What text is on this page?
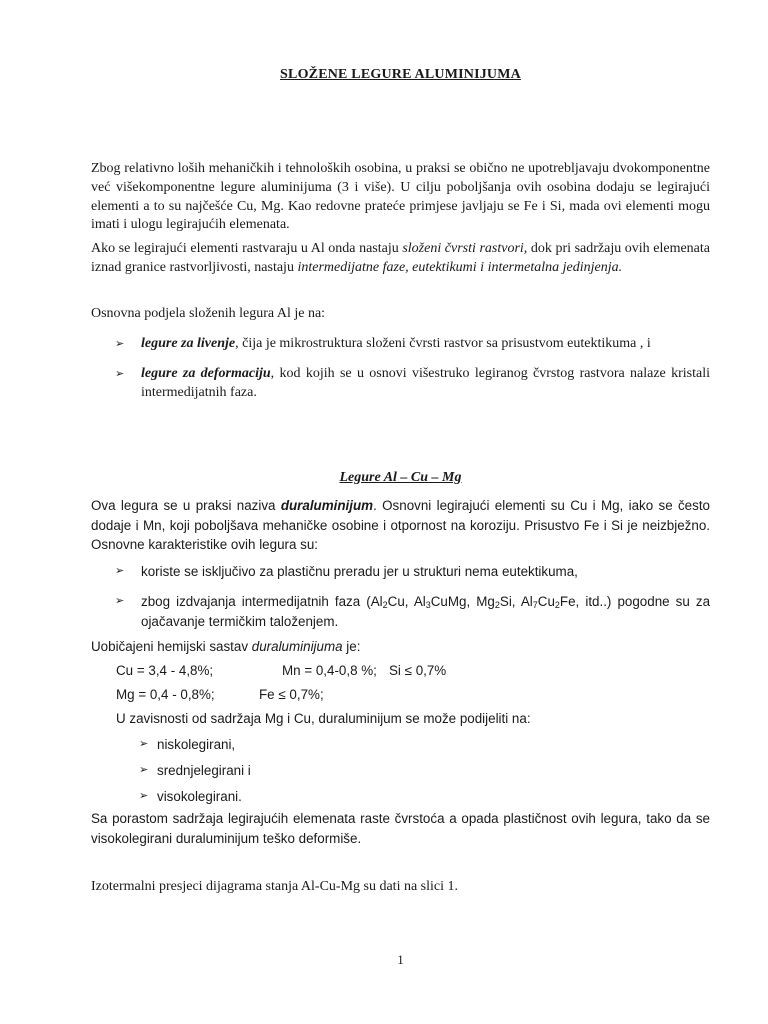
SLOŽENE LEGURE ALUMINIJUMA

Zbog relativno loših mehaničkih i tehnoloških osobina, u praksi se obično ne upotrebljavaju dvokomponentne već višekomponentne legure aluminijuma (3 i više). U cilju poboljšanja ovih osobina dodaju se legirajući elementi a to su najčešće Cu, Mg. Kao redovne prateće primjese javljaju se Fe i Si, mada ovi elementi mogu imati i ulogu legirajućih elemenata.

Ako se legirajući elementi rastvaraju u Al onda nastaju složeni čvrsti rastvori, dok pri sadržaju ovih elemenata iznad granice rastvorljivosti, nastaju intermedijatne faze, eutektikumi i intermetalna jedinjenja.

Osnovna podjela složenih legura Al je na:

➢	legure za livenje, čija je mikrostruktura složeni čvrsti rastvor sa prisustvom eutektikuma , i
➢	legure za deformaciju, kod kojih se u osnovi višestruko legiranog čvrstog rastvora nalaze kristali intermedijatnih faza.
Legure Al – Cu – Mg

Ova legura se u praksi naziva duraluminijum. Osnovni legirajući elementi su Cu i Mg, iako se često dodaje i Mn, koji poboljšava mehaničke osobine i otpornost na koroziju. Prisustvo Fe i Si je neizbježno. Osnovne karakteristike ovih legura su:

➢	koriste se isključivo za plastičnu preradu jer u strukturi nema eutektikuma,
➢	zbog izdvajanja intermedijatnih faza ($Al_2Cu$, $Al_3CuMg$, $Mg_2Si$, $Al_7Cu_2Fe$, itd..) pogodne su za ojačavanje termičkim taloženjem.

Uobičajeni hemijski sastav duraluminijuma je:

Cu = 3,4 - 4,8%;	Mn = 0,4-0,8 %; Si ≤ 0,7%
Mg = 0,4 - 0,8%;	Fe ≤ 0,7%;
U zavisnosti od sadržaja Mg i Cu, duraluminijum se može podijeliti na:
➢ niskolegirani,
➢ srednjelegirani i
➢ visokolegirani.

Sa porastom sadržaja legirajućih elemenata raste čvrstoća a opada plastičnost ovih legura, tako da se visokolegirani duraluminijum teško deformiše.

Izotermalni presjeci dijagrama stanja Al-Cu-Mg su dati na slici 1.

1
